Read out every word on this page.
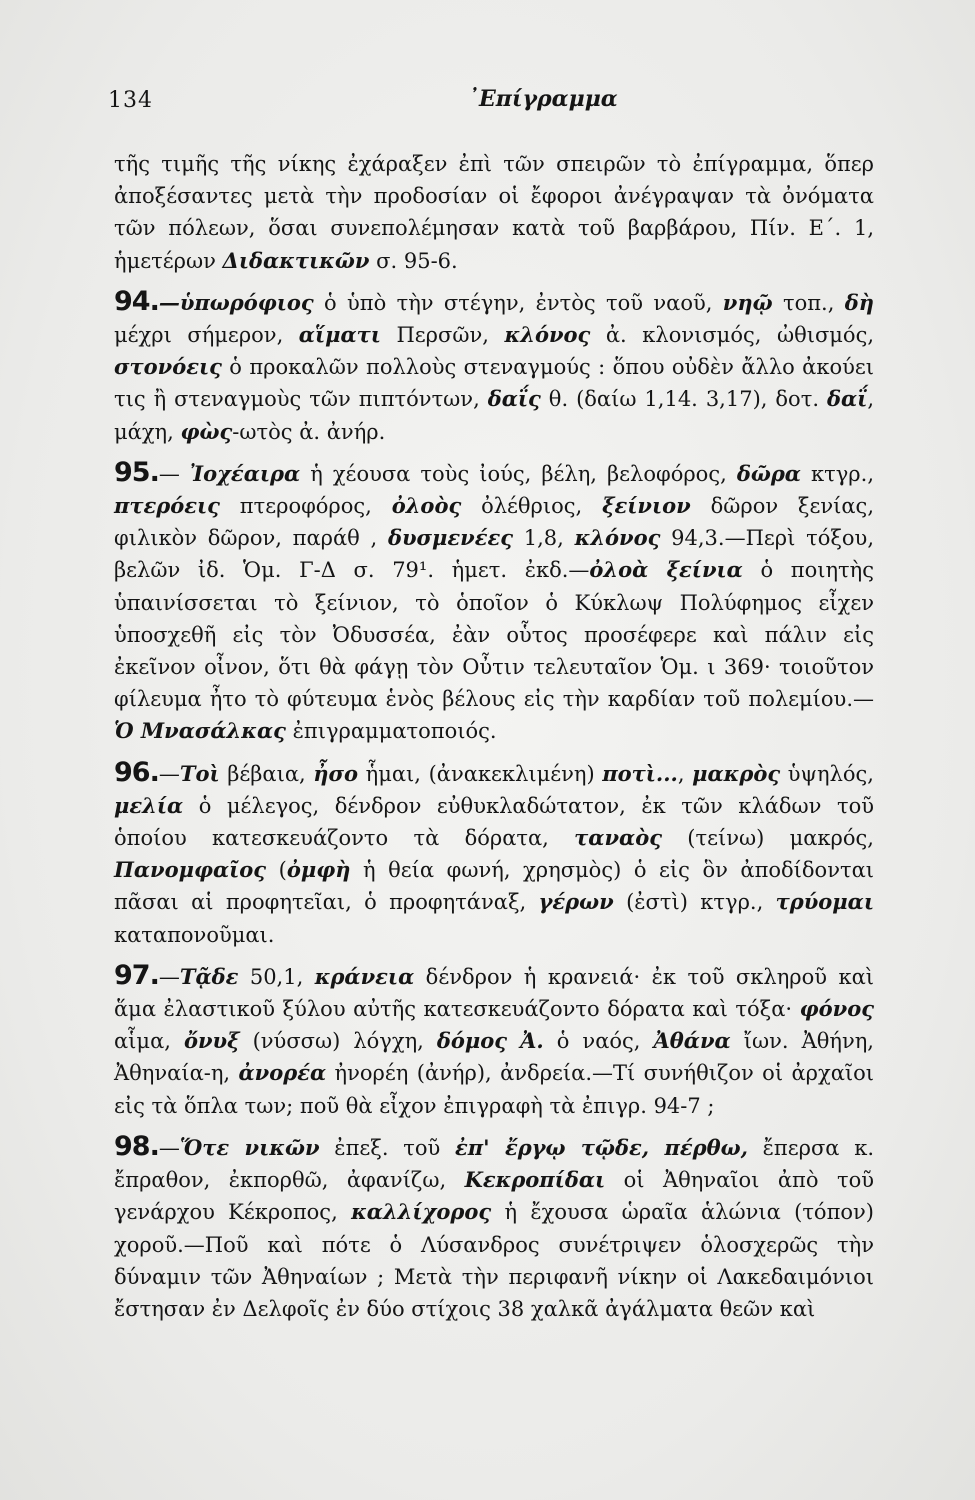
134	᾿Επίγραμμα

τῆς τιμῆς τῆς νίκης ἐχάραξεν ἐπὶ τῶν σπειρῶν τὸ ἐπίγραμμα, ὅπερ ἀποξέσαντες μετὰ τὴν προδοσίαν οἱ ἔφοροι ἀνέγραψαν τὰ ὀνόματα τῶν πόλεων, ὅσαι συνεπολέμησαν κατὰ τοῦ βαρβάρου, Πίν. Ε΄. 1, ἡμετέρων Διδακτικῶν σ. 95-6.

94.—ὑπωρόφιος ὁ ὑπὸ τὴν στέγην, ἐντὸς τοῦ ναοῦ, νηῷ τοπ., δὴ μέχρι σήμερον, αἵματι Περσῶν, κλόνος ἀ. κλονισμός, ὠθισμός, στονόεις ὁ προκαλῶν πολλοὺς στεναγμούς : ὅπου οὐδὲν ἄλλο ἀκούει τις ἢ στεναγμοὺς τῶν πιπτόντων, δαΐς θ. (δαίω 1,14. 3,17), δοτ. δαΐ, μάχη, φὼς-ωτὸς ἀ. ἀνήρ.

95.— Ἰοχέαιρα ἡ χέουσα τοὺς ἰούς, βέλη, βελοφόρος, δῶρα κτγρ., πτερόεις πτεροφόρος, ὀλοὸς ὀλέθριος, ξείνιον δῶρον ξενίας, φιλικὸν δῶρον, παράθ , δυσμενέες 1,8, κλόνος 94,3.—Περὶ τόξου, βελῶν ἰδ. Ὁμ. Γ-Δ σ. 79¹. ἡμετ. ἐκδ.—ὀλοὰ ξείνια ὁ ποιητὴς ὑπαινίσσεται τὸ ξείνιον, τὸ ὁποῖον ὁ Κύκλωψ Πολύφημος εἶχεν ὑποσχεθῆ εἰς τὸν Ὀδυσσέα, ἐὰν οὗτος προσέφερε καὶ πάλιν εἰς ἐκεῖνον οἶνον, ὅτι θὰ φάγῃ τὸν Οὖτιν τελευταῖον Ὁμ. ι 369· τοιοῦτον φίλευμα ἦτο τὸ φύτευμα ἑνὸς βέλους εἰς τὴν καρδίαν τοῦ πολεμίου.— Ὁ Μνασάλκας ἐπιγραμματοποιός.

96.—Τοὶ βέβαια, ἦσο ἧμαι, (ἀνακεκλιμένη) ποτὶ..., μακρὸς ὑψηλός, μελία ὁ μέλεγος, δένδρον εὐθυκλαδώτατον, ἐκ τῶν κλάδων τοῦ ὁποίου κατεσκευάζοντο τὰ δόρατα, ταναὸς (τείνω) μακρός, Πανομφαῖος (ὀμφὴ ἡ θεία φωνή, χρησμὸς) ὁ εἰς ὃν ἀποδίδονται πᾶσαι αἱ προφητεῖαι, ὁ προφητάναξ, γέρων (ἐστὶ) κτγρ., τρύομαι καταπονοῦμαι.

97.—Τᾷδε 50,1, κράνεια δένδρον ἡ κρανειά· ἐκ τοῦ σκληροῦ καὶ ἅμα ἐλαστικοῦ ξύλου αὐτῆς κατεσκευάζοντο δόρατα καὶ τόξα· φόνος αἷμα, ὄνυξ (νύσσω) λόγχη, δόμος Ἀ. ὁ ναός, Ἀθάνα ἴων. Ἀθήνη, Ἀθηναία-η, ἀνορέα ἠνορέη (ἀνήρ), ἀνδρεία.—Τί συνήθιζον οἱ ἀρχαῖοι εἰς τὰ ὅπλα των; ποῦ θὰ εἶχον ἐπιγραφὴ τὰ ἐπιγρ. 94-7 ;

98.—Ὅτε νικῶν ἐπεξ. τοῦ ἐπ' ἔργῳ τῷδε, πέρθω, ἔπερσα κ. ἔπραθον, ἐκπορθῶ, ἀφανίζω, Κεκροπίδαι οἱ Ἀθηναῖοι ἀπὸ τοῦ γενάρχου Κέκροπος, καλλίχορος ἡ ἔχουσα ὡραῖα ἁλώνια (τόπον) χοροῦ.—Ποῦ καὶ πότε ὁ Λύσανδρος συνέτριψεν ὁλοσχερῶς τὴν δύναμιν τῶν Ἀθηναίων ; Μετὰ τὴν περιφανῆ νίκην οἱ Λακεδαιμόνιοι ἔστησαν ἐν Δελφοῖς ἐν δύο στίχοις 38 χαλκᾶ ἀγάλματα θεῶν καὶ
